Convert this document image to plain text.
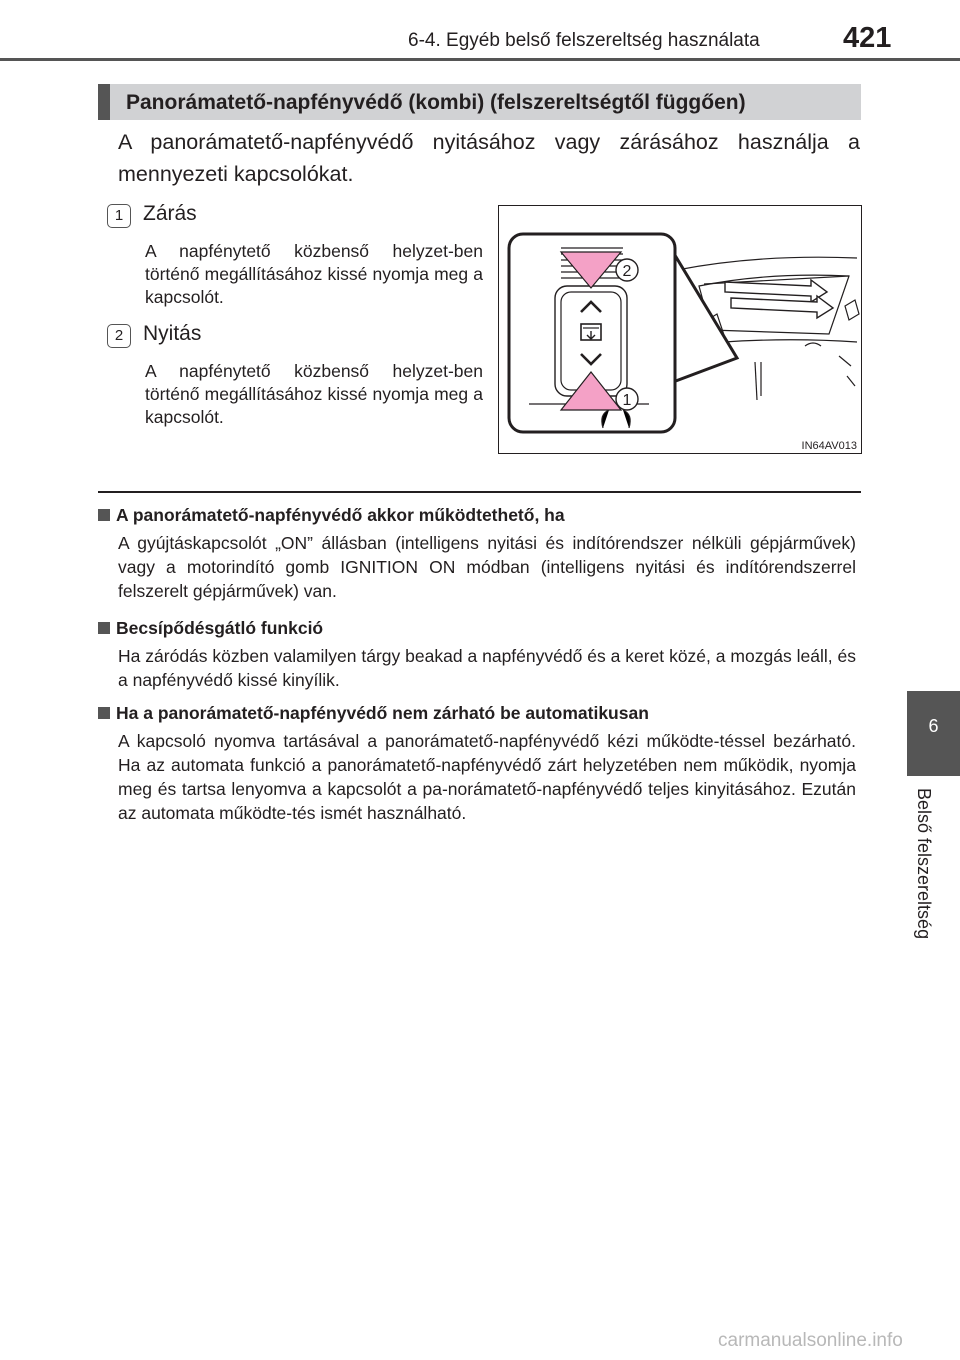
6-4. Egyéb belső felszereltség használata	421
6
Belső felszereltség
Panorámatető-napfényvédő (kombi) (felszereltségtől függően)
A panorámatető-napfényvédő nyitásához vagy zárásához használja a mennyezeti kapcsolókat.
1 Zárás
A napfénytető közbenső helyzet-ben történő megállításához kissé nyomja meg a kapcsolót.
2 Nyitás
A napfénytető közbenső helyzet-ben történő megállításához kissé nyomja meg a kapcsolót.
2
1
IN64AV013
A panorámatető-napfényvédő akkor működtethető, ha
A gyújtáskapcsolót „ON” állásban (intelligens nyitási és indítórendszer nélküli gépjárművek) vagy a motorindító gomb IGNITION ON módban (intelligens nyitási és indítórendszerrel felszerelt gépjárművek) van.
Becsípődésgátló funkció
Ha záródás közben valamilyen tárgy beakad a napfényvédő és a keret közé, a mozgás leáll, és a napfényvédő kissé kinyílik.
Ha a panorámatető-napfényvédő nem zárható be automatikusan
A kapcsoló nyomva tartásával a panorámatető-napfényvédő kézi működte-téssel bezárható. Ha az automata funkció a panorámatető-napfényvédő zárt helyzetében nem működik, nyomja meg és tartsa lenyomva a kapcsolót a pa-norámatető-napfényvédő teljes kinyitásához. Ezután az automata működte-tés ismét használható.
carmanualsonline.info
